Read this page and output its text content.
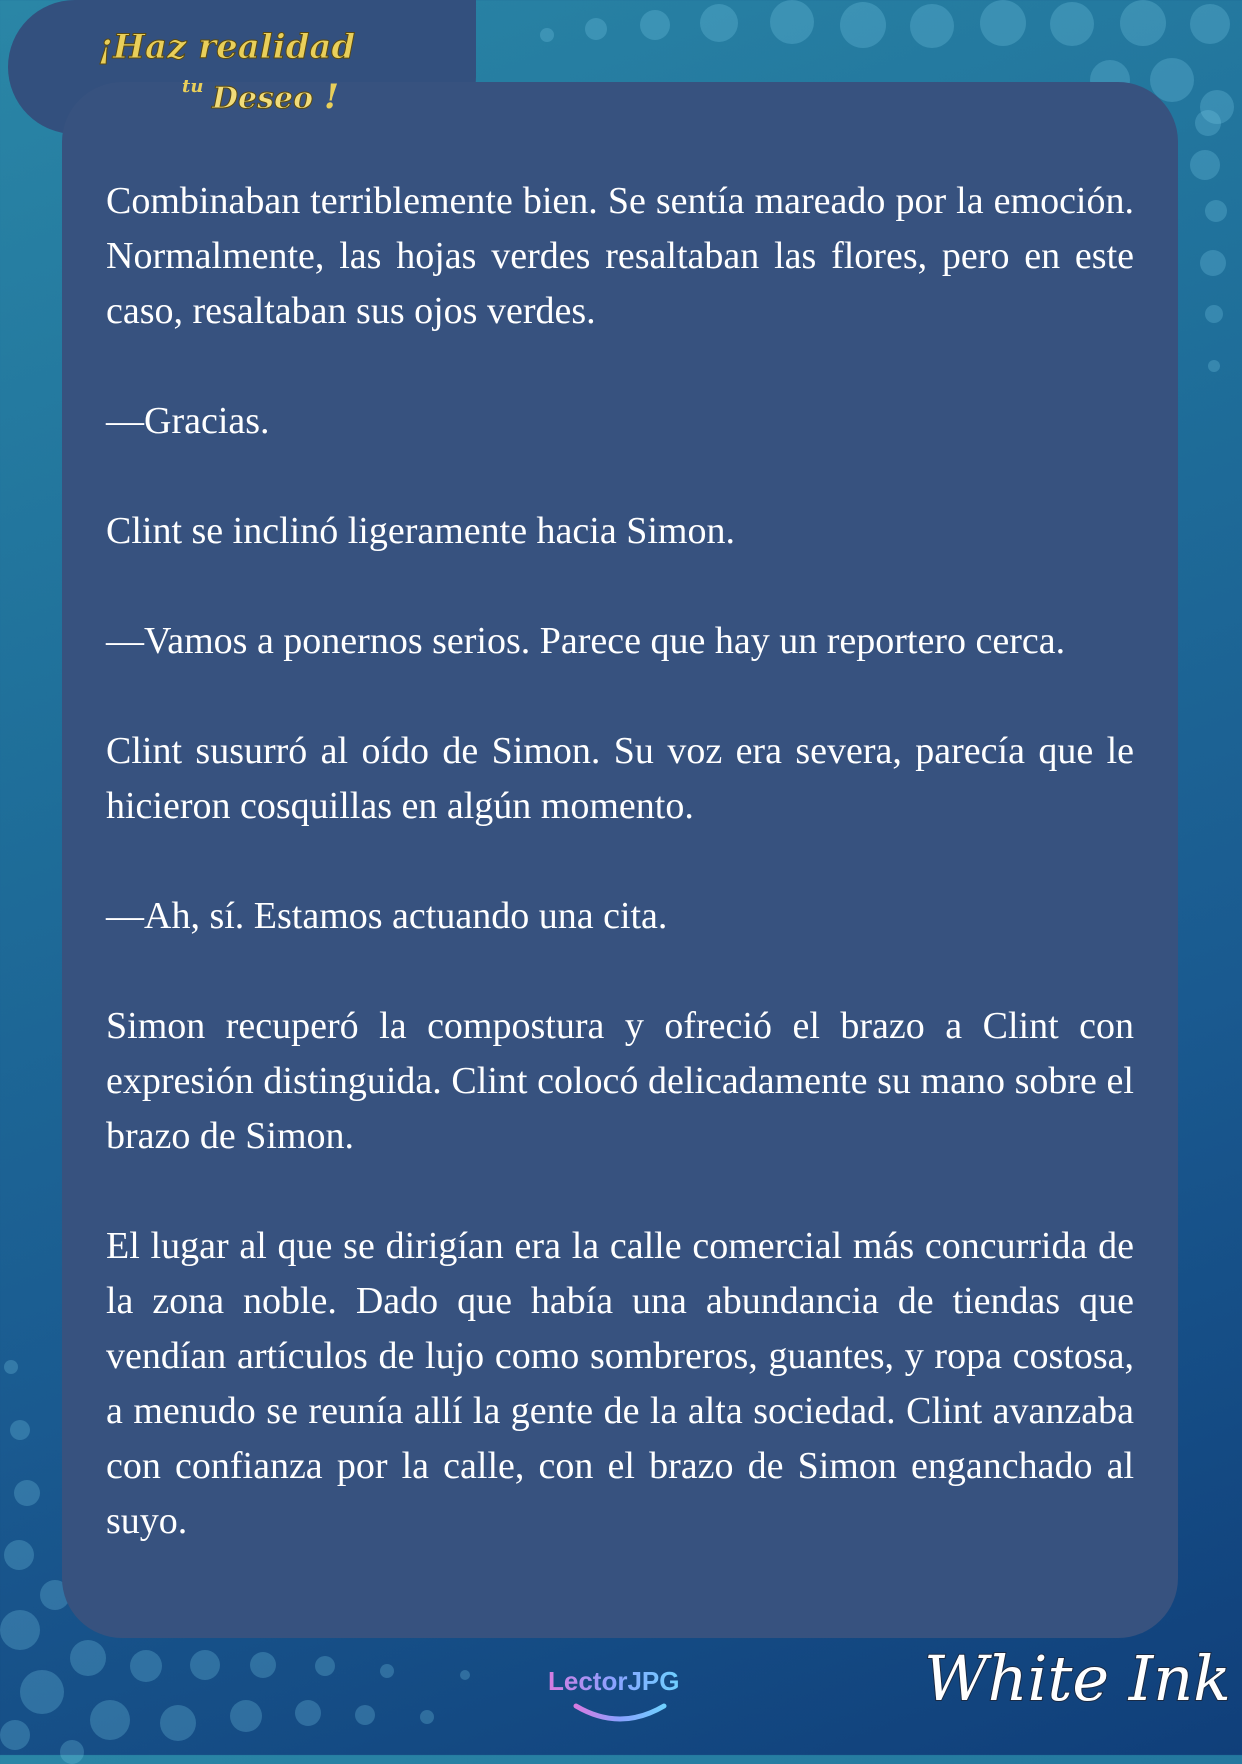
¡Haz realidad
tu Deseo !

Combinaban terriblemente bien. Se sentía mareado por la emoción. Normalmente, las hojas verdes resaltaban las flores, pero en este caso, resaltaban sus ojos verdes.

—Gracias.

Clint se inclinó ligeramente hacia Simon.

—Vamos a ponernos serios. Parece que hay un reportero cerca.

Clint susurró al oído de Simon. Su voz era severa, parecía que le hicieron cosquillas en algún momento.

—Ah, sí. Estamos actuando una cita.

Simon recuperó la compostura y ofreció el brazo a Clint con expresión distinguida. Clint colocó delicadamente su mano sobre el brazo de Simon.

El lugar al que se dirigían era la calle comercial más concurrida de la zona noble. Dado que había una abundancia de tiendas que vendían artículos de lujo como sombreros, guantes, y ropa costosa, a menudo se reunía allí la gente de la alta sociedad. Clint avanzaba con confianza por la calle, con el brazo de Simon enganchado al suyo.

LectorJPG	White Ink
